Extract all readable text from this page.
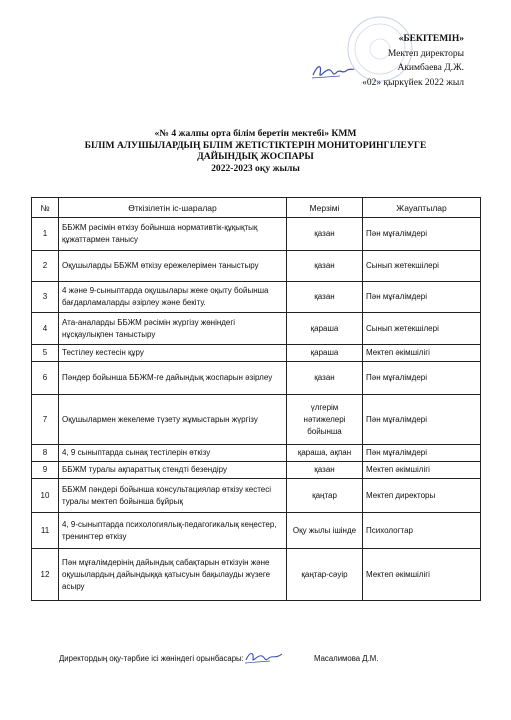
«БЕКІТЕМІН»
Мектеп директоры
Акимбаева Д.Ж.
«02» қыркүйек 2022 жыл
«№ 4 жалпы орта білім беретін мектебі» КММ
БІЛІМ АЛУШЫЛАРДЫҢ БІЛІМ ЖЕТІСТІКТЕРІН МОНИТОРИНГІЛЕУГЕ
ДАЙЫНДЫҚ ЖОСПАРЫ
2022-2023 оқу жылы
№	Өткізілетін іс-шаралар	Мерзімі	Жауаптылар
1	ББЖМ рәсімін өткізу бойынша нормативтік-құқықтық құжаттармен танысу	қазан	Пән мұғалімдері
2	Оқушыларды ББЖМ өткізу ережелерімен таныстыру	қазан	Сынып жетекшілері
3	4 және 9-сыныптарда оқушылары жеке оқыту бойынша бағдарламаларды әзірлеу және бекіту.	қазан	Пән мұғалімдері
4	Ата-аналарды ББЖМ рәсімін жүргізу жөніндегі нұсқаулықпен таныстыру	қараша	Сынып жетекшілері
5	Тестілеу кестесін құру	қараша	Мектеп әкімшілігі
6	Пәндер бойынша ББЖМ-ге дайындық жоспарын әзірлеу	қазан	Пән мұғалімдері
7	Оқушылармен жекелеме түзету жұмыстарын жүргізу	үлгерім нәтижелері бойынша	Пән мұғалімдері
8	4, 9 сыныптарда сынақ тестілерін өткізу	қараша, ақпан	Пән мұғалімдері
9	ББЖМ туралы ақпараттық стендті безендіру	қазан	Мектеп әкімшілігі
10	ББЖМ пәндері бойынша консультациялар өткізу кестесі туралы мектеп бойынша бұйрық	қаңтар	Мектеп директоры
11	4, 9-сыныптарда психологиялық-педагогикалық кеңестер, тренингтер өткізу	Оқу жылы ішінде	Психологтар
12	Пән мұғалімдерінің дайындық сабақтарын өткізуін және оқушылардың дайындыққа қатысуын бақылауды жүзеге асыру	қаңтар-сәуір	Мектеп әкімшілігі
Директордың оқу-тәрбие ісі жөніндегі орынбасары:	Масалимова Д.М.
